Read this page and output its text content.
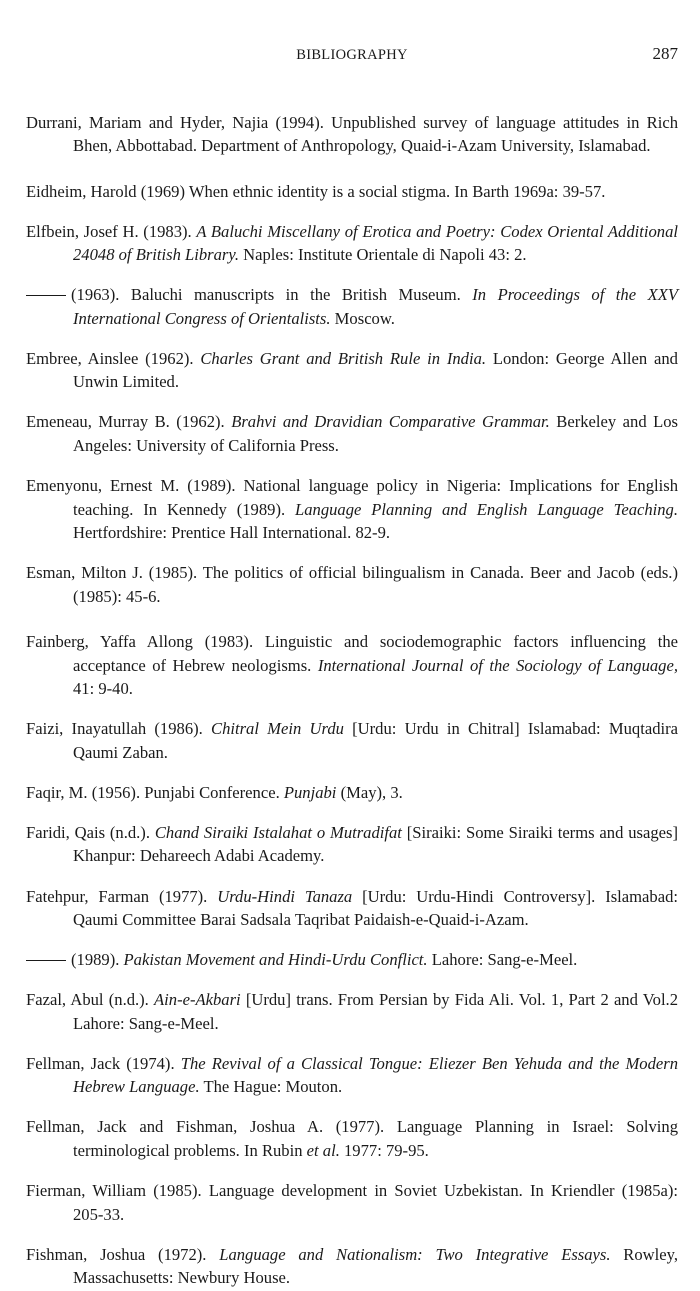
BIBLIOGRAPHY	287

Durrani, Mariam and Hyder, Najia (1994). Unpublished survey of language attitudes in Rich Bhen, Abbottabad. Department of Anthropology, Quaid-i-Azam University, Islamabad.

Eidheim, Harold (1969) When ethnic identity is a social stigma. In Barth 1969a: 39-57.

Elfbein, Josef H. (1983). A Baluchi Miscellany of Erotica and Poetry: Codex Oriental Additional 24048 of British Library. Naples: Institute Orientale di Napoli 43: 2.

(1963). Baluchi manuscripts in the British Museum. In Proceedings of the XXV International Congress of Orientalists. Moscow.

Embree, Ainslee (1962). Charles Grant and British Rule in India. London: George Allen and Unwin Limited.

Emeneau, Murray B. (1962). Brahvi and Dravidian Comparative Grammar. Berkeley and Los Angeles: University of California Press.

Emenyonu, Ernest M. (1989). National language policy in Nigeria: Implications for English teaching. In Kennedy (1989). Language Planning and English Language Teaching. Hertfordshire: Prentice Hall International. 82-9.

Esman, Milton J. (1985). The politics of official bilingualism in Canada. Beer and Jacob (eds.) (1985): 45-6.

Fainberg, Yaffa Allong (1983). Linguistic and sociodemographic factors influencing the acceptance of Hebrew neologisms. International Journal of the Sociology of Language, 41: 9-40.

Faizi, Inayatullah (1986). Chitral Mein Urdu [Urdu: Urdu in Chitral] Islamabad: Muqtadira Qaumi Zaban.

Faqir, M. (1956). Punjabi Conference. Punjabi (May), 3.

Faridi, Qais (n.d.). Chand Siraiki Istalahat o Mutradifat [Siraiki: Some Siraiki terms and usages] Khanpur: Dehareech Adabi Academy.

Fatehpur, Farman (1977). Urdu-Hindi Tanaza [Urdu: Urdu-Hindi Controversy]. Islamabad: Qaumi Committee Barai Sadsala Taqribat Paidaish-e-Quaid-i-Azam.

(1989). Pakistan Movement and Hindi-Urdu Conflict. Lahore: Sang-e-Meel.

Fazal, Abul (n.d.). Ain-e-Akbari [Urdu] trans. From Persian by Fida Ali. Vol. 1, Part 2 and Vol.2 Lahore: Sang-e-Meel.

Fellman, Jack (1974). The Revival of a Classical Tongue: Eliezer Ben Yehuda and the Modern Hebrew Language. The Hague: Mouton.

Fellman, Jack and Fishman, Joshua A. (1977). Language Planning in Israel: Solving terminological problems. In Rubin et al. 1977: 79-95.

Fierman, William (1985). Language development in Soviet Uzbekistan. In Kriendler (1985a): 205-33.

Fishman, Joshua (1972). Language and Nationalism: Two Integrative Essays. Rowley, Massachusetts: Newbury House.
